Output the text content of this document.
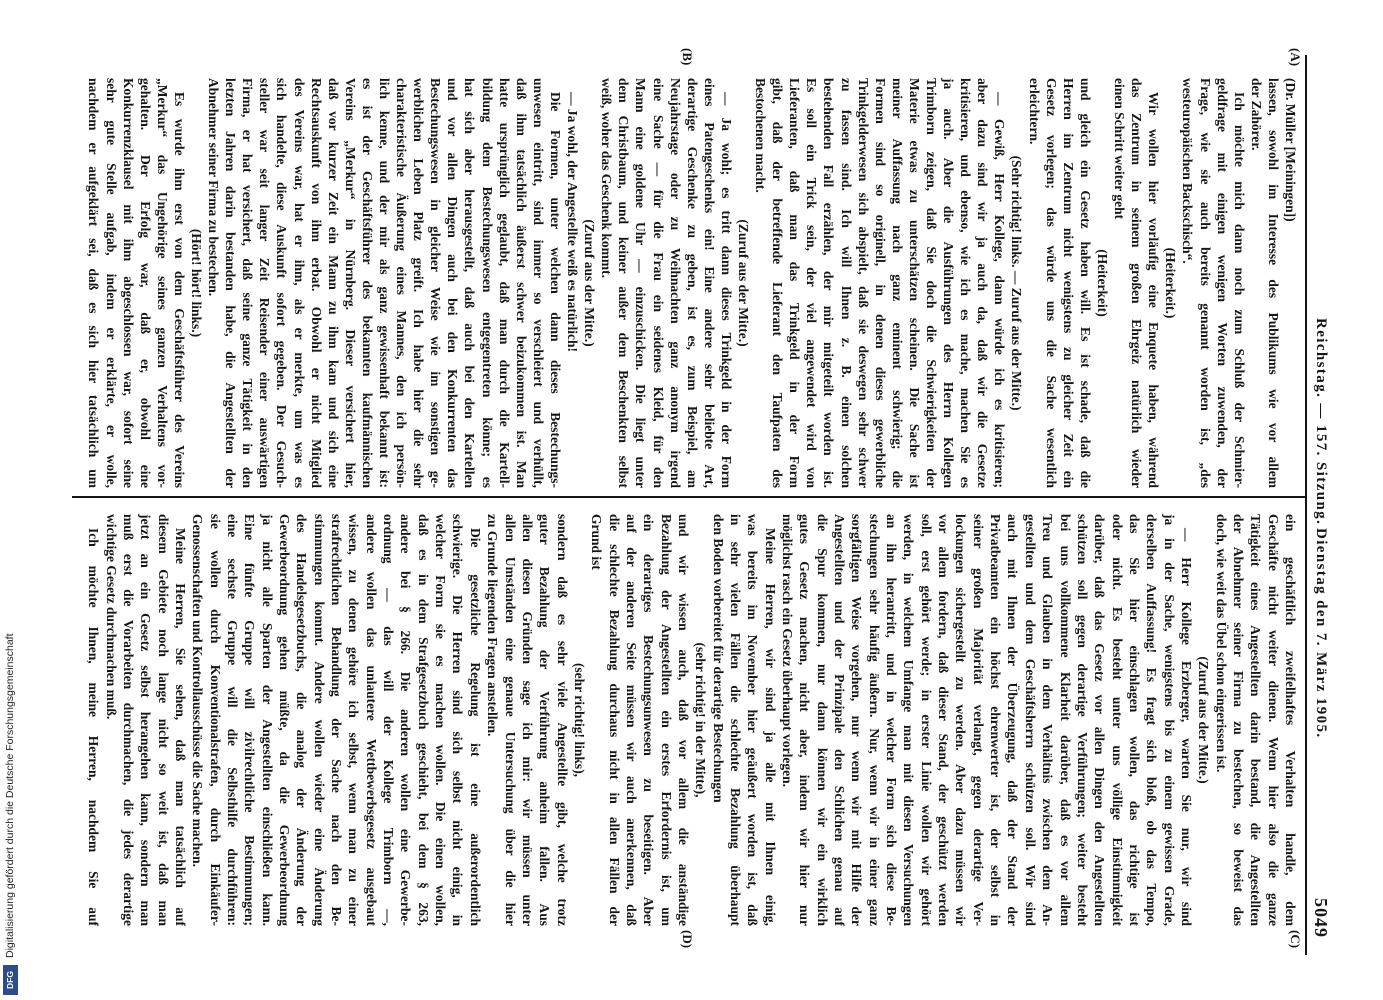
Reichstag. — 157. Sitzung.
Dienstag den 7. März 1905.
5049
(A)
(B)
(C)
(D)
(Dr. Müller [Meiningen])
lassen, sowohl im Interesse des Publikums wie vor allem
der Zahörer.
Ich möchte mich dann noch zum Schluß der Schmier-
geldfrage mit einigen wenigen Worten zuwenden, der
Frage, wie sie auch bereits genannt worden ist, „des
westeuropäischen Backschisch“.
(Heiterkeit.)
Wir wollen hier vorläufig eine Enquete haben, während
das Zentrum in seinem großen Ehrgeiz natürlich wieder
einen Schritt weiter geht
(Heiterkeit)
und gleich ein Gesetz haben will. Es ist schade, daß die
Herren im Zentrum nicht wenigstens zu gleicher Zeit ein
Gesetz vorlegen; das würde uns die Sache wesentlich
erleichtern.
(Sehr richtig! links. — Zuruf aus der Mitte.)
— Gewiß, Herr Kollege, dann würde ich es kritisieren;
aber dazu sind wir ja auch da, daß wir die Gesetze
kritisieren, und ebenso, wie ich es mache, machen Sie es
ja auch. Aber die Ausführungen des Herrn Kollegen
Trimborn zeigen, daß Sie doch die Schwierigkeiten der
Materie etwas zu unterschätzen scheinen. Die Sache ist
meiner Auffassung nach ganz eminent schwierig; die
Formen sind so originell, in denen dieses gewerbliche
Trinkgelderwesen sich abspielt, daß sie deswegen sehr schwer
zu fassen sind. Ich will Ihnen z. B. einen solchen
bestehenden Fall erzählen, der mir mitgeteilt worden ist.
Es soll ein Trick sein, der viel angewendet wird von
Lieferanten, daß man das Trinkgeld in der Form
gibt, daß der betreffende Lieferant den Taufpaten des
Bestochenen macht.
(Zuruf aus der Mitte.)
— Ja wohl; es tritt dann dieses Trinkgeld in der Form
eines Patengeschenks ein! Eine andere sehr beliebte Art,
derartige Geschenke zu geben, ist es, zum Beispiel, am
Neujahrstage oder zu Weihnachten ganz anonym irgend
eine Sache — für die Frau ein seidenes Kleid, für den
Mann eine goldene Uhr — einzuschicken. Die liegt unter
dem Christbaum, und keiner außer dem Beschenkten selbst
weiß, woher das Geschenk kommt.
(Zuruf aus der Mitte.)
— Ja wohl, der Angestellte weiß es natürlich!
Die Formen, unter welchen dann dieses Bestechungs-
unwesen eintritt, sind immer so verschleiert und verhüllt,
daß ihm tatsächlich äußerst schwer beizukommen ist. Man
hatte ursprünglich geglaubt, daß man durch die Kartell-
bildung dem Bestechungswesen entgegentreten könne; es
hat sich aber herausgestellt, daß auch bei den Kartellen
und vor allen Dingen auch bei den Konkurrenten das
Bestechungswesen in gleicher Weise wie im sonstigen ge-
werblichen Leben Platz greift. Ich habe hier die sehr
charakteristische Äußerung eines Mannes, den ich persön-
lich kenne, und der mir als ganz gewissenhaft bekannt ist:
es ist der Geschäftsführer des bekannten kaufmännischen
Vereins „Merkur“ in Nürnberg. Dieser versichert hier,
daß vor kurzer Zeit ein Mann zu ihm kam und sich eine
Rechtsauskunft von ihm erbat. Obwohl er nicht Mitglied
des Vereins war, hat er ihm, als er merkte, um was es
sich handelte, diese Auskunft sofort gegeben. Der Gesuch-
steller war seit langer Zeit Reisender einer auswärtigen
Firma, er hat versichert, daß seine ganze Tätigkeit in den
letzten Jahren darin bestanden habe, die Angestellten der
Abnehmer seiner Firma zu bestechen.
(Hört! hört! links.)
Es wurde ihm erst von dem Geschäftsführer des Vereins
„Merkur“ das Ungehörige seines ganzen Verhaltens vor-
gehalten. Der Erfolg war, daß er, obwohl eine
Konkurrenzklausel mit ihm abgeschlossen war, sofort seine
sehr gute Stelle aufgab, indem er erklärte, er wolle,
nachdem er aufgeklärt sei, daß es sich hier tatsächlich um
ein geschäftlich zweifelhaftes Verhalten handle, dem
Geschäfte nicht weiter dienen. Wenn hier also die ganze
Tätigkeit eines Angestellten darin bestand, die Angestellten
der Abnehmer seiner Firma zu bestechen, so beweist das
doch, wie weit das Übel schon eingerissen ist.
(Zuruf aus der Mitte.)
— Herr Kollege Erzberger, warten Sie nur, wir sind
ja in der Sache, wenigstens bis zu einem gewissen Grade,
derselben Auffassung! Es fragt sich bloß, ob das Tempo,
das Sie hier einschlagen wollen, das richtige ist
oder nicht. Es besteht unter uns völlige Einstimmigkeit
darüber, daß das Gesetz vor allen Dingen den Angestellten
schützen soll gegen derartige Verführungen; weiter besteht
bei uns vollkommene Klarheit darüber, daß es vor allem
Treu und Glauben in dem Verhältnis zwischen dem An-
gestellten und dem Geschäftsherrn schützen soll. Wir sind
auch mit Ihnen der Überzeugung, daß der Stand der
Privatbeamten ein höchst ehrenwerter ist, der selbst in
seiner großen Majorität verlangt, gegen derartige Ver-
lockungen sichergestellt zu werden. Aber dazu müssen wir
vor allem fordern, daß dieser Stand, der geschützt werden
soll, erst gehört werde; in erster Linie wollen wir gehört
werden, in welchem Umfange man mit diesen Versuchungen
an ihn herantritt, und in welcher Form sich diese Be-
stechungen sehr häufig äußern. Nur, wenn wir in einer ganz
sorgfältigen Weise vorgehen, nur wenn wir mit Hilfe der
Angestellten und der Prinzipale den Schlichen genau auf
die Spur kommen, nur dann können wir ein wirklich
gutes Gesetz machen, nicht aber, indem wir hier nur
möglichst rasch ein Gesetz überhaupt vorlegen.
Meine Herren, wir sind ja alle mit Ihnen einig,
was bereits im November hier geäußert worden ist, daß
in sehr vielen Fällen die schlechte Bezahlung überhaupt
den Boden vorbereitet für derartige Bestechungen
(sehr richtig! in der Mitte),
und wir wissen auch, daß vor allem die anständige
Bezahlung der Angestellten ein erstes Erfordernis ist, um
ein derartiges Bestechungsunwesen zu beseitigen. Aber
auf der anderen Seite müssen wir auch anerkennen, daß
die schlechte Bezahlung durchaus nicht in allen Fällen der
Grund ist
(sehr richtig! links),
sondern daß es sehr viele Angestellte gibt, welche trotz
guter Bezahlung der Verführung anheim fallen. Aus
allen diesen Gründen sage ich mir: wir müssen unter
allen Umständen eine genaue Untersuchung über die hier
zu Grunde liegenden Fragen anstellen.
Die gesetzliche Regelung ist eine außerordentlich
schwierige. Die Herren sind sich selbst nicht einig, in
welcher Form sie es machen wollen. Die einen wollen,
daß es in dem Strafgesetzbuch geschieht, bei dem § 263,
andere bei § 266. Die anderen wollen eine Gewerbe-
ordnung — das will der Kollege Trimborn —,
andere wollen das unlautere Wettbewerbsgesetz ausgebaut
wissen, zu denen gehöre ich selbst, wenn man zu einer
strafrechtlichen Behandlung der Sache nach den Be-
stimmungen kommt. Andere wollen wieder eine Änderung
des Handelsgesetzbuchs, die analog der Änderung der
Gewerbeordnung gehen müßte, da die Gewerbeordnung
ja nicht alle Sparten der Angestellten einschließen kann.
Eine fünfte Gruppe will zivilrechtliche Bestimmungen;
eine sechste Gruppe will die Selbsthilfe durchführen:
sie wollen durch Konventionalstrafen, durch Einkäufer-
Genossenschaften und Kontrollausschüsse die Sache machen.
Meine Herren, Sie sehen, daß man tatsächlich auf
diesem Gebiete noch lange nicht so weit ist, daß man
jetzt an ein Gesetz selbst herangehen kann, sondern man
muß erst die Vorarbeiten durchmachen, die jedes derartige
wichtige Gesetz durchmachen muß.
Ich möchte Ihnen, meine Herren, nachdem Sie auf
Digitalisierung gefördert durch die Deutsche Forschungsgemeinschaft
DFG
